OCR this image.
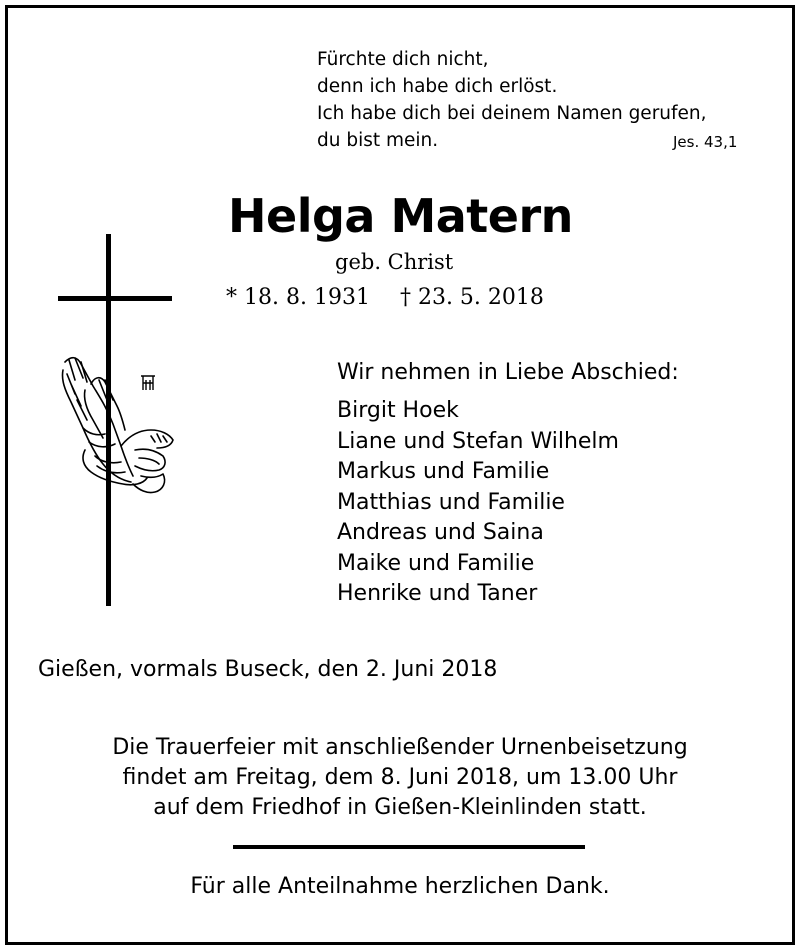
Fürchte dich nicht,
denn ich habe dich erlöst.
Ich habe dich bei deinem Namen gerufen,
du bist mein.	Jes. 43,1
Helga Matern
geb. Christ
* 18. 8. 1931 † 23. 5. 2018
Wir nehmen in Liebe Abschied:
Birgit Hoek
Liane und Stefan Wilhelm
Markus und Familie
Matthias und Familie
Andreas und Saina
Maike und Familie
Henrike und Taner
Gießen, vormals Buseck, den 2. Juni 2018
Die Trauerfeier mit anschließender Urnenbeisetzung
findet am Freitag, dem 8. Juni 2018, um 13.00 Uhr
auf dem Friedhof in Gießen-Kleinlinden statt.
Für alle Anteilnahme herzlichen Dank.
